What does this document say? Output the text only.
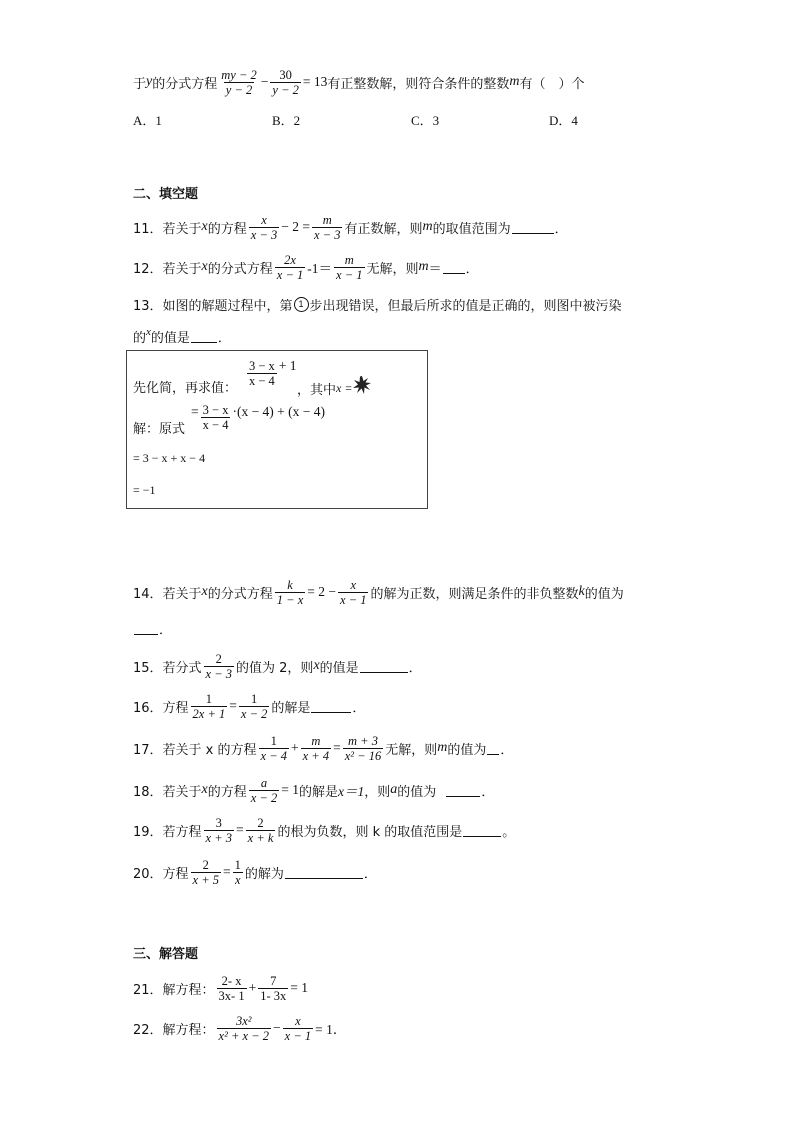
于 y 的分式方程 $\frac{my - 2}{y - 2} - \frac{30}{y - 2} = 13$ 有正整数解，则符合条件的整数 m 有（　）个
A．1	B．2	C．3	D．4
二、填空题
11．若关于 x 的方程 $\frac{x}{x - 3} - 2 = \frac{m}{x - 3}$ 有正数解，则 m 的取值范围为	．
12．若关于 x 的分式方程 $\frac{2x}{x - 1} -1= \frac{m}{x - 1}$ 无解，则 m ＝ ．
13．如图的解题过程中，第 1 步出现错误，但最后所求的值是正确的，则图中被污染
的 x 的值是 ．
先化简，再求值：
$\frac{3 - x}{x - 4} + 1$
，其中 x =
解：原式
= $\frac{3 - x}{x - 4} \cdot(x - 4) + (x - 4)$
= 3 − x + x − 4
= −1
14．若关于 x 的分式方程 $\frac{k}{1 - x} = 2 - \frac{x}{x - 1}$ 的解为正数，则满足条件的非负整数 k 的值为
．
15．若分式 $\frac{2}{x - 3}$ 的值为 2，则 x 的值是	．
16．方程 $\frac{1}{2x + 1} = \frac{1}{x - 2}$ 的解是	．
17．若关于 x 的方程 $\frac{1}{x - 4} + \frac{m}{x + 4} = \frac{m + 3}{\text{x² − 16}}$ 无解，则 m 的值为 ．
18．若关于 x 的方程 $\frac{a}{x - 2} = 1$ 的解是 x＝1 ，则 a 的值为	．
19．若方程 $\frac{3}{x + 3} = \frac{2}{x + k}$ 的根为负数，则 k 的取值范围是	。
20．方程 $\frac{2}{x + 5} = \frac{1}{x}$ 的解为	．
三、解答题
21．解方程： $\frac{2- x}{3x- 1} + \frac{7}{1- 3x} = 1$
22．解方程： $\frac{\text{3x²}}{\text{x² + x − 2}} - \frac{x}{x - 1} = 1$．
